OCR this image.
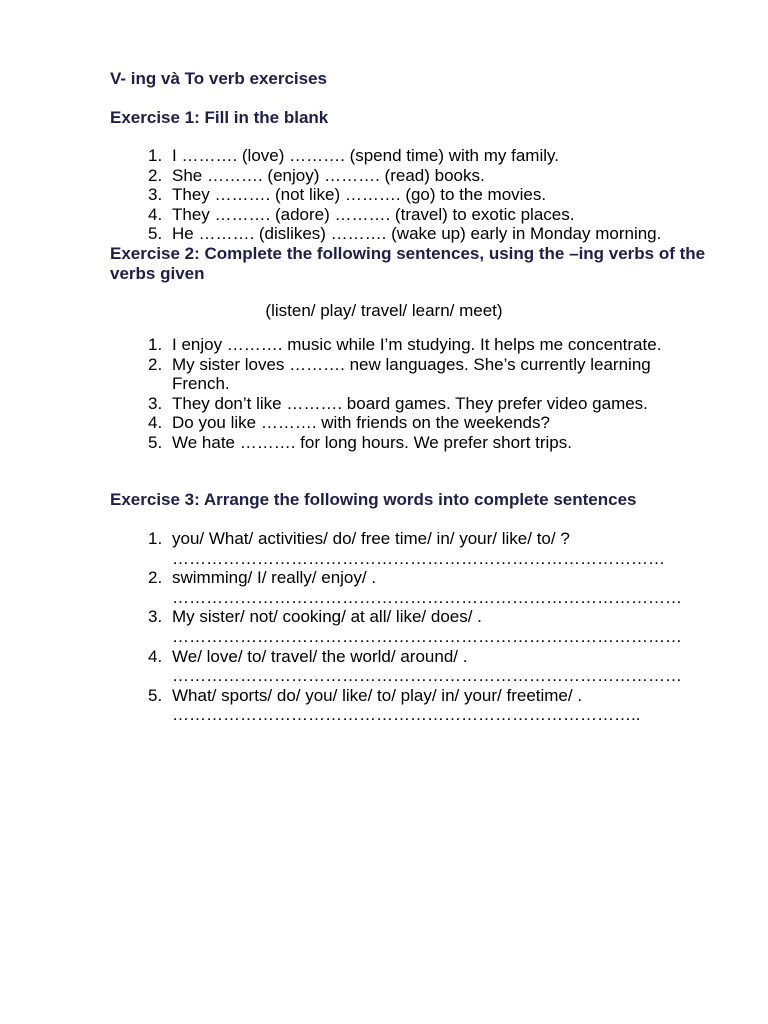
V- ing và To verb exercises
Exercise 1: Fill in the blank
1. I ………. (love) ………. (spend time) with my family.
2. She ………. (enjoy) ………. (read) books.
3. They ………. (not like) ………. (go) to the movies.
4. They ………. (adore) ………. (travel) to exotic places.
5. He ………. (dislikes) ………. (wake up) early in Monday morning.
Exercise 2: Complete the following sentences, using the –ing verbs of the verbs given
(listen/ play/ travel/ learn/ meet)
1. I enjoy ………. music while I’m studying. It helps me concentrate.
2. My sister loves ………. new languages. She’s currently learning French.
3. They don’t like ………. board games. They prefer video games.
4. Do you like ………. with friends on the weekends?
5. We hate ………. for long hours. We prefer short trips.
Exercise 3: Arrange the following words into complete sentences
1. you/ What/ activities/ do/ free time/ in/ your/ like/ to/ ?
……………………………………………………………………………
2. swimming/ I/ really/ enjoy/ .
………………………………………………………………………………
3. My sister/ not/ cooking/ at all/ like/ does/ .
………………………………………………………………………………
4. We/ love/ to/ travel/ the world/ around/ .
………………………………………………………………………………
5. What/ sports/ do/ you/ like/ to/ play/ in/ your/ freetime/ .
………………………………………………………………………..
